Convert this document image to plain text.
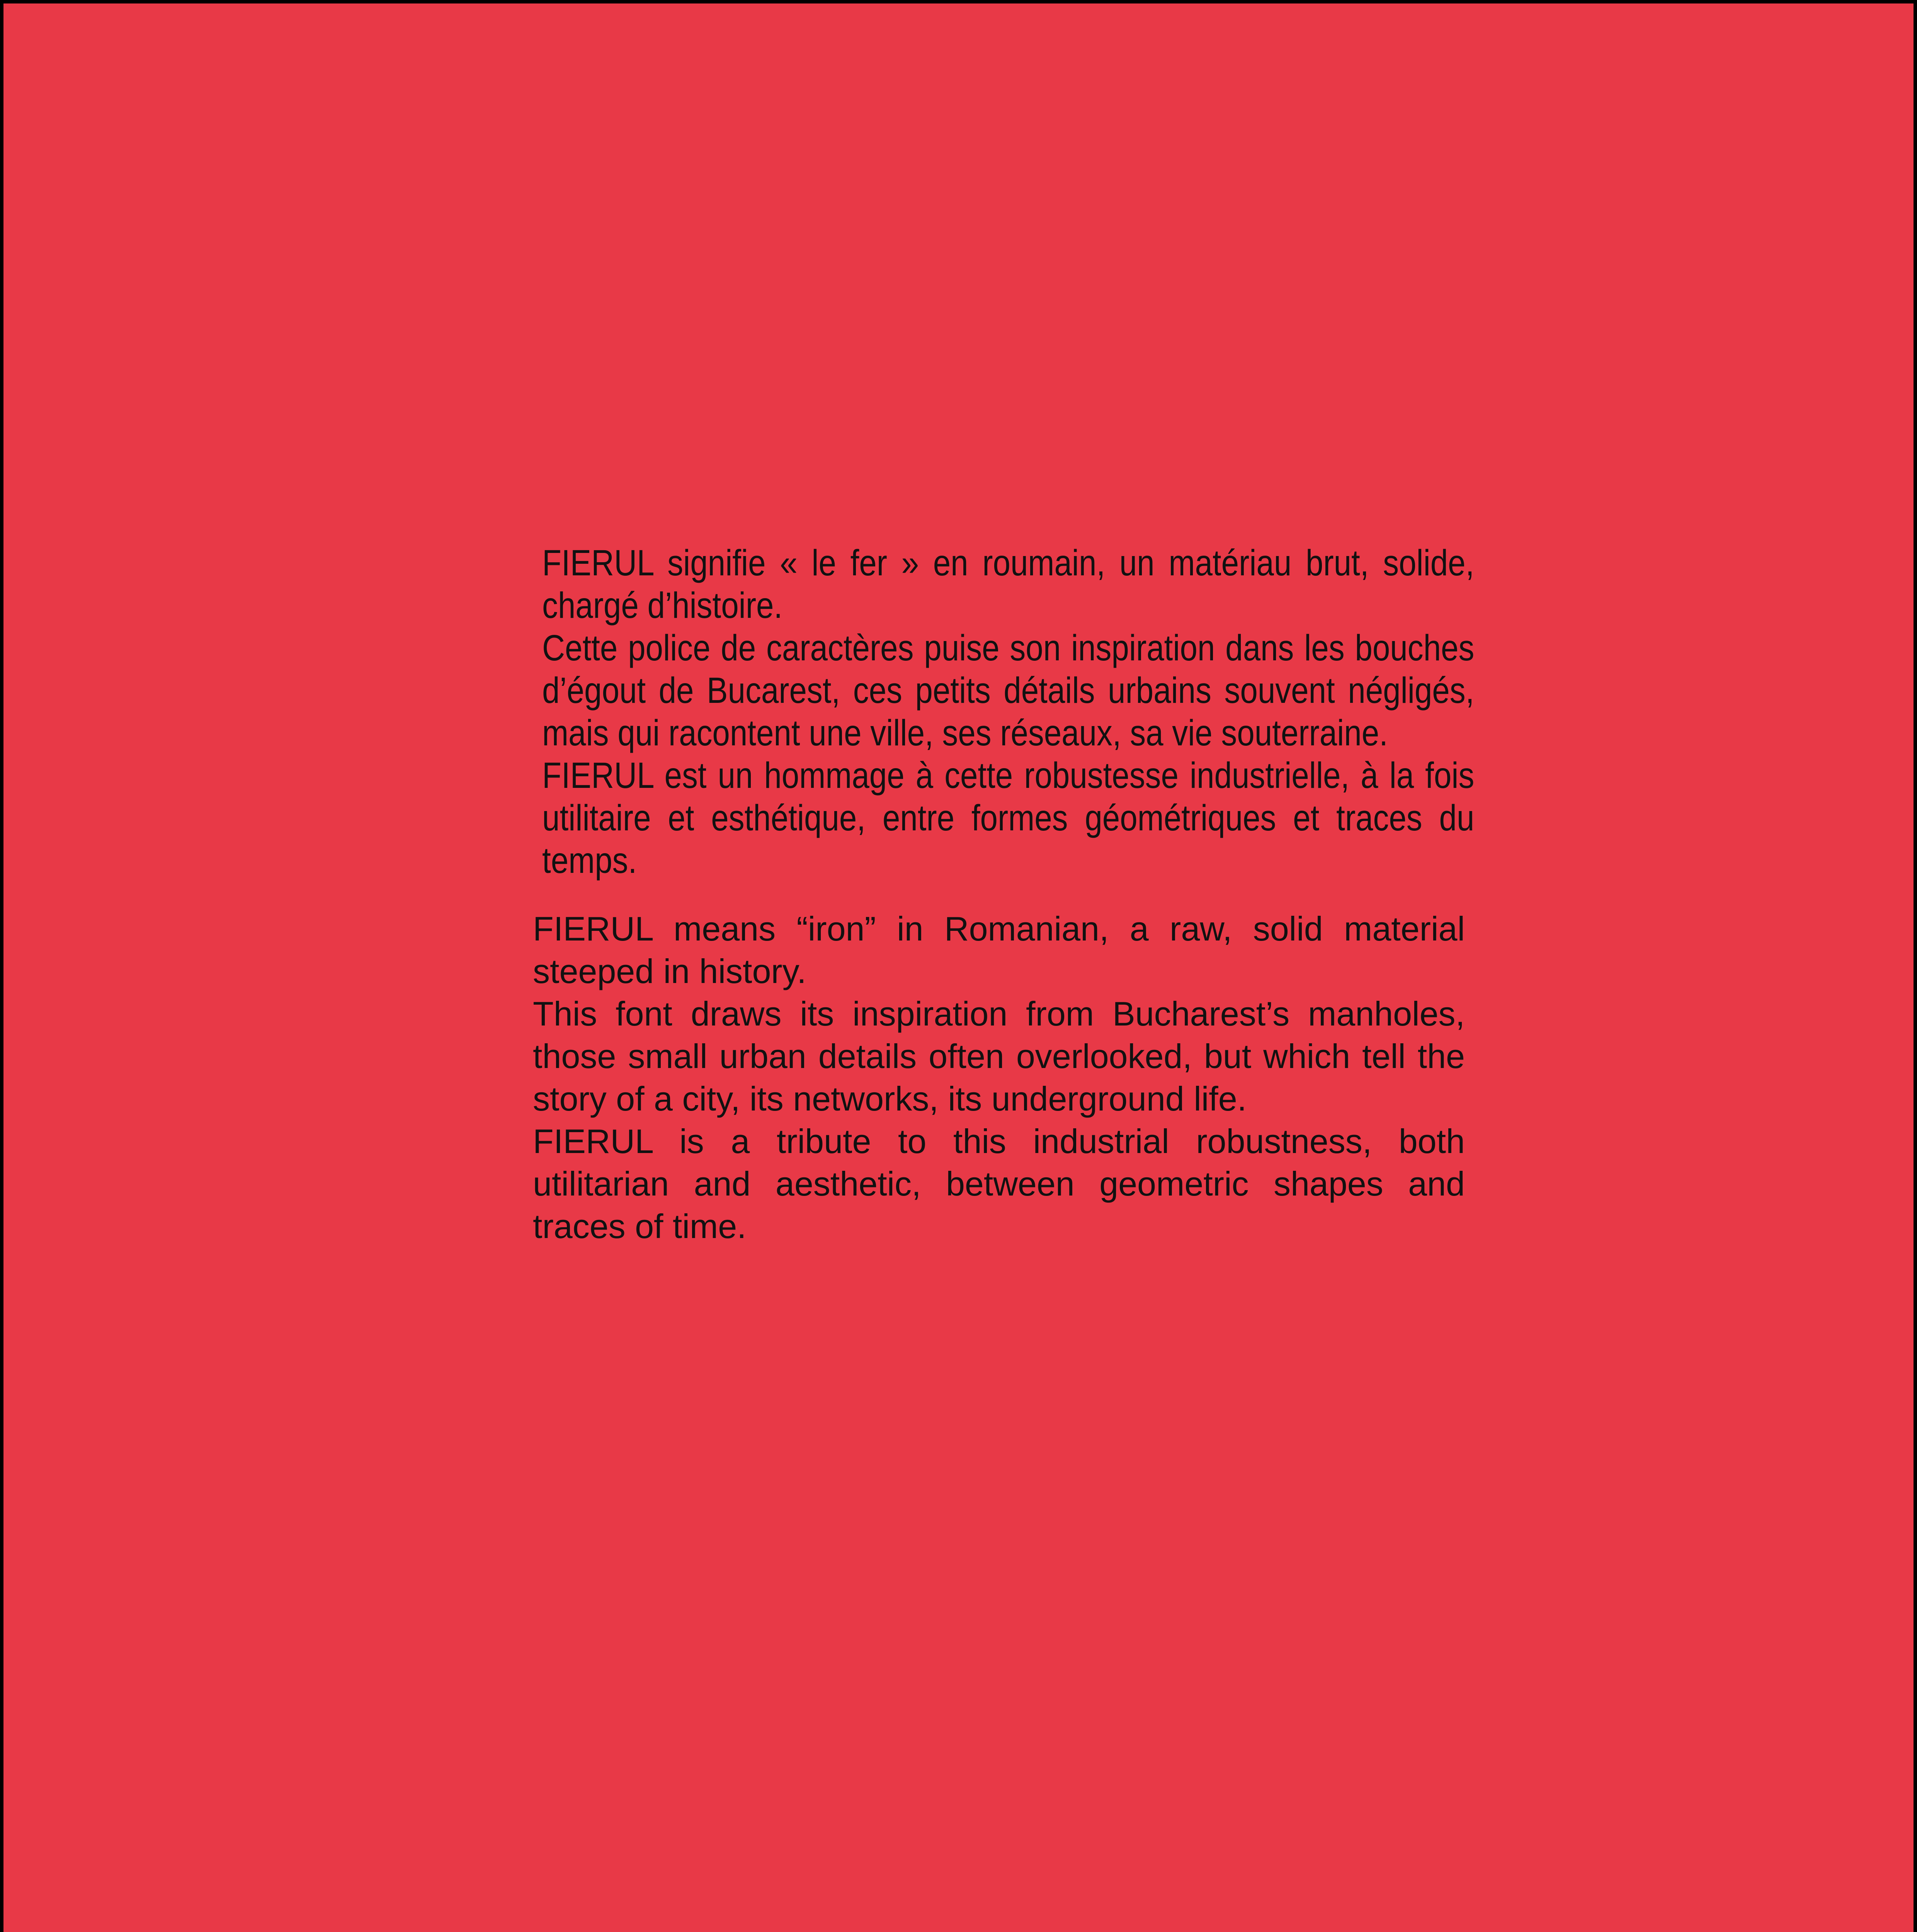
FIERUL signifie « le fer » en roumain, un matériau brut, solide, chargé d’histoire.

Cette police de caractères puise son inspiration dans les bouches d’égout de Bucarest, ces petits détails urbains souvent négligés, mais qui racontent une ville, ses réseaux, sa vie souterraine.

FIERUL est un hommage à cette robustesse industrielle, à la fois utilitaire et esthétique, entre formes géométriques et traces du temps.

FIERUL means “iron” in Romanian, a raw, solid material steeped in history.

This font draws its inspiration from Bucharest’s manholes, those small urban details often overlooked, but which tell the story of a city, its networks, its underground life.

FIERUL is a tribute to this industrial robustness, both utilitarian and aesthetic, between geometric shapes and traces of time.
